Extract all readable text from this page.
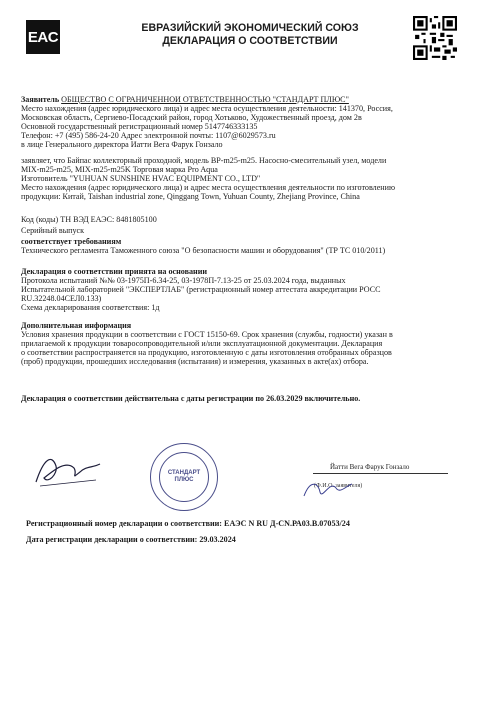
EAC
ЕВРАЗИЙСКИЙ ЭКОНОМИЧЕСКИЙ СОЮЗ
ДЕКЛАРАЦИЯ О СООТВЕТСТВИИ

Заявитель ОБЩЕСТВО С ОГРАНИЧЕННОЙ ОТВЕТСТВЕННОСТЬЮ "СТАНДАРТ ПЛЮС"

Место нахождения (адрес юридического лица) и адрес места осуществления деятельности: 141370, Россия,

Московская область, Сергиево-Посадский район, город Хотьково, Художественный проезд, дом 2в

Основной государственный регистрационный номер 5147746333135

Телефон: +7 (495) 586-24-20 Адрес электронной почты: 1107@6029573.ru

в лице Генерального директора Йатти Вега Фарук Гонзало

заявляет, что Байпас коллекторный проходной, модель BP-m25-m25. Насосно-смесительный узел, модели

MIX-m25-m25, MIX-m25-m25K Торговая марка Pro Aqua

Изготовитель "YUHUAN SUNSHINE HVAC EQUIPMENT CO., LTD"

Место нахождения (адрес юридического лица) и адрес места осуществления деятельности по изготовлению

продукции: Китай, Taishan industrial zone, Qinggang Town, Yuhuan County, Zhejiang Province, China

Код (коды) ТН ВЭД ЕАЭС: 8481805100

Серийный выпуск

соответствует требованиям

Технического регламента Таможенного союза "О безопасности машин и оборудования" (ТР ТС 010/2011)

Декларация о соответствии принята на основании

Протокола испытаний №№ 03-1975П-6.34-25, 03-1978П-7.13-25 от 25.03.2024 года, выданных

Испытательной лабораторией "ЭКСПЕРТЛАБ" (регистрационный номер аттестата аккредитации РОСС

RU.32248.04СЕЛ0.133)

Схема декларирования соответствия: 1д

Дополнительная информация

Условия хранения продукции в соответствии с ГОСТ 15150-69. Срок хранения (службы, годности) указан в

прилагаемой к продукции товаросопроводительной и/или эксплуатационной документации. Декларация

о соответствии распространяется на продукцию, изготовленную с даты изготовления отобранных образцов

(проб) продукции, прошедших исследования (испытания) и измерения, указанных в акте(ах) отбора.

Декларация о соответствии действительна с даты регистрации по 26.03.2029 включительно.

СТАНДАРТ
ПЛЮС
Йатти Вега Фарук Гонзало
(Ф.И.О. заявителя)
Регистрационный номер декларации о соответствии: ЕАЭС N RU Д-CN.РА03.В.07053/24
Дата регистрации декларации о соответствии: 29.03.2024
